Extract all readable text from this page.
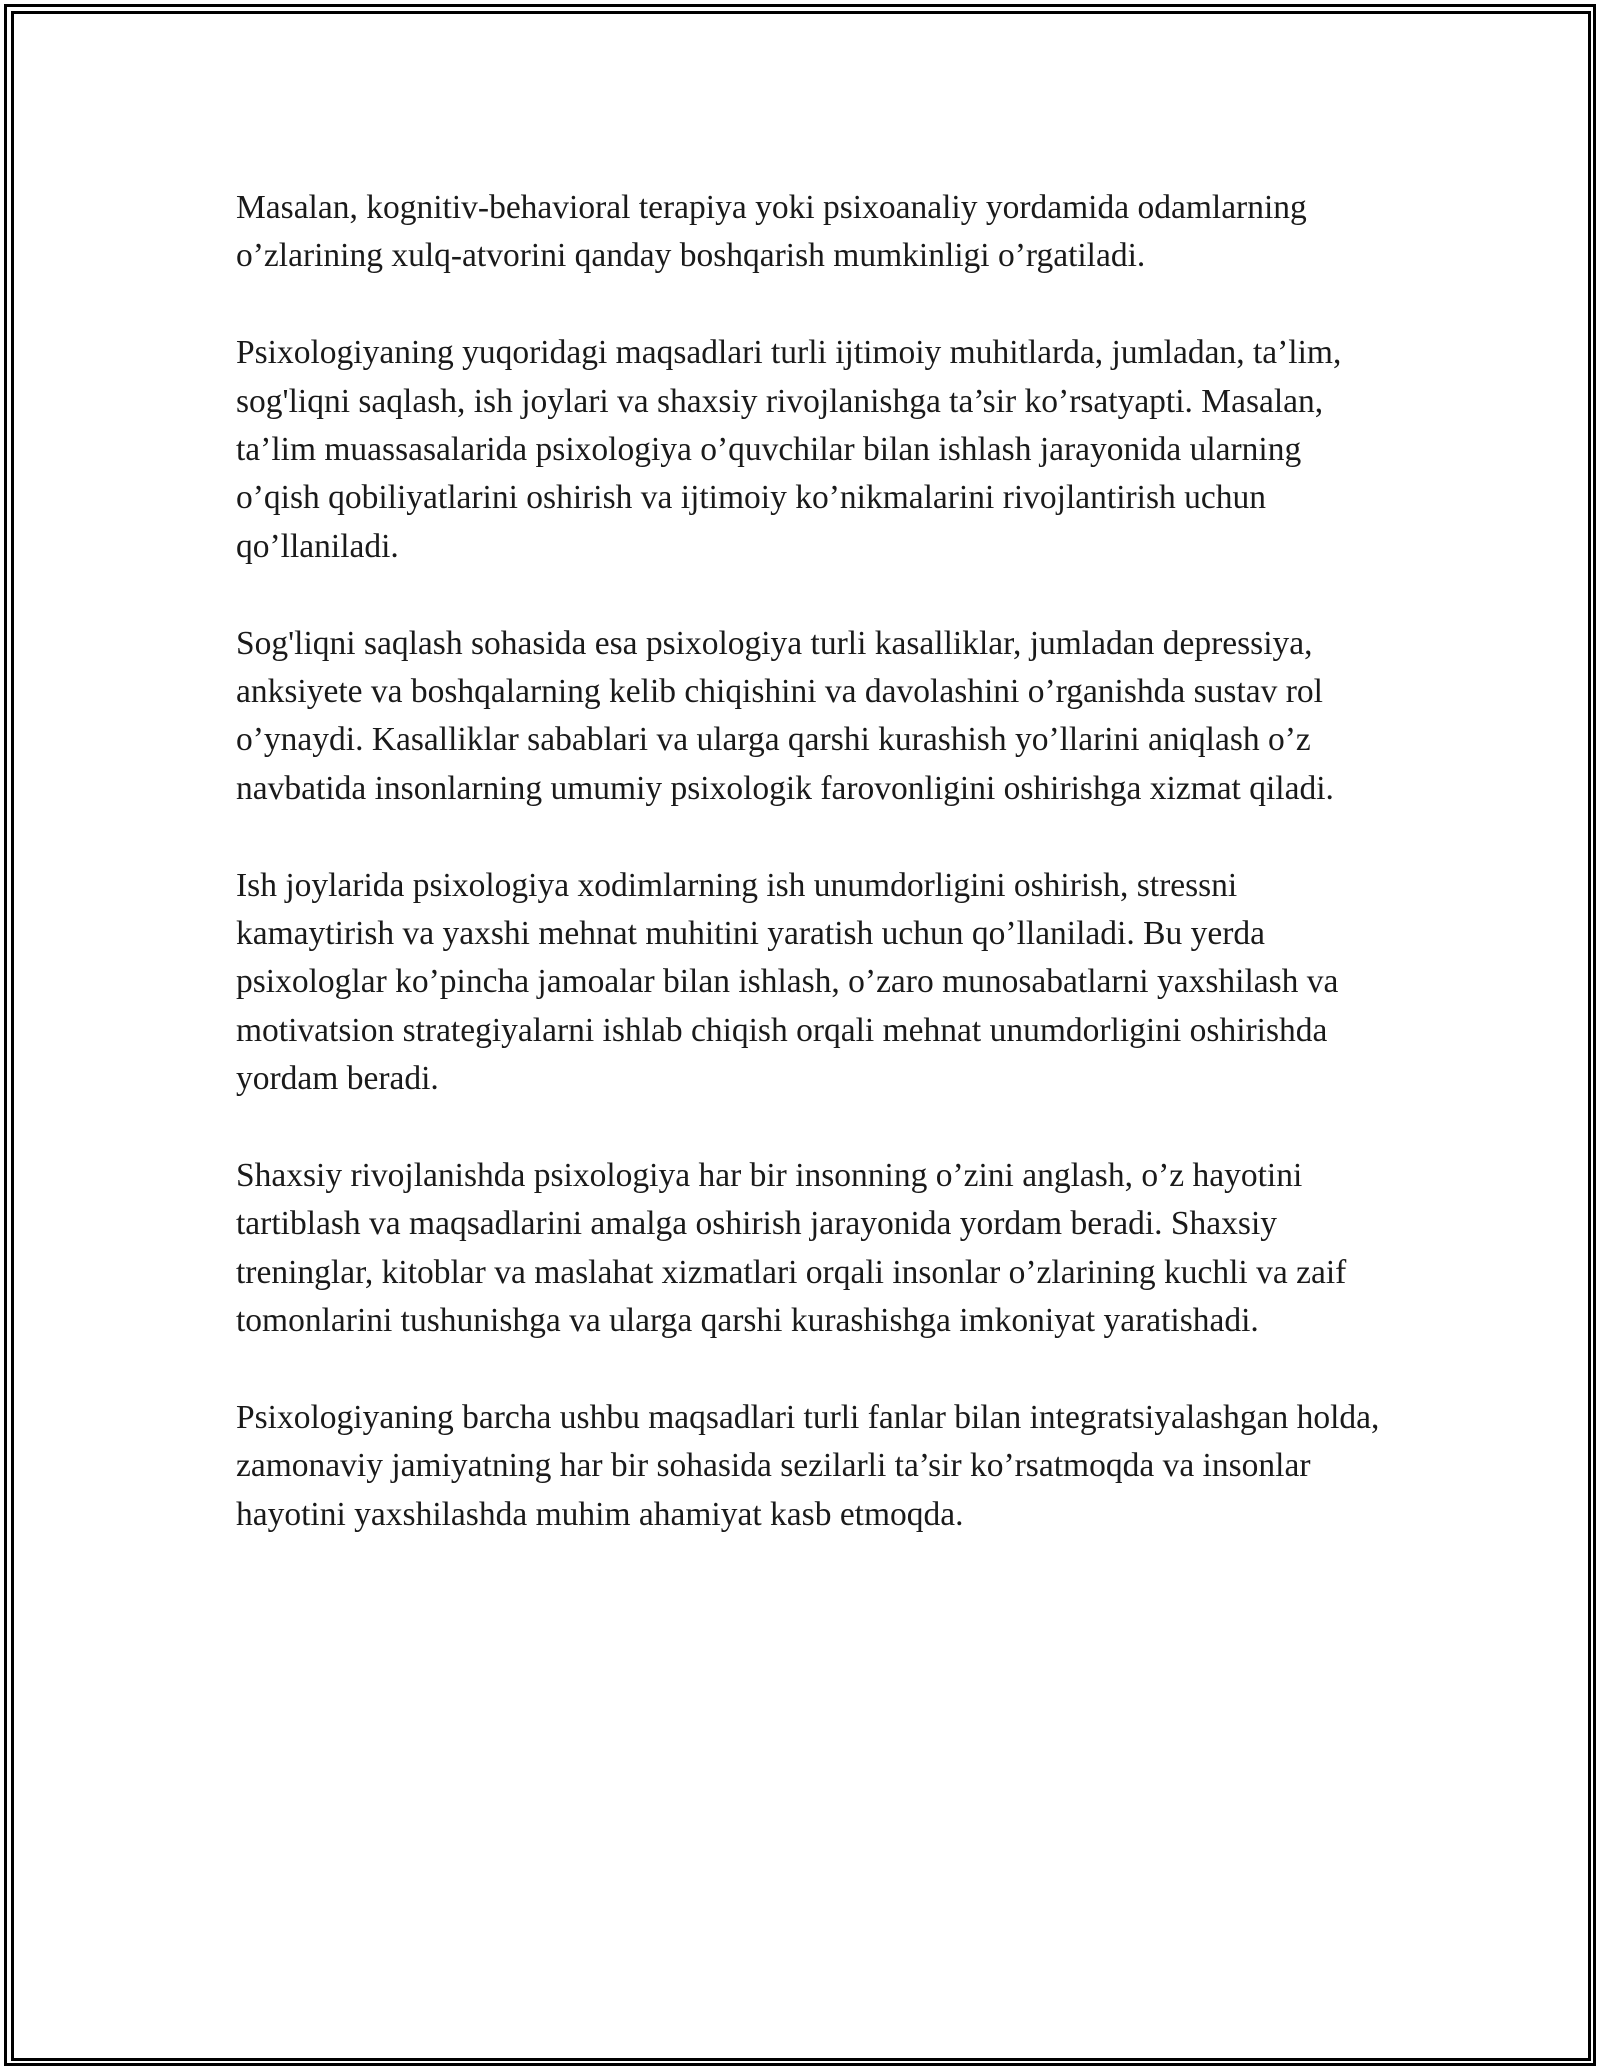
Masalan, kognitiv-behavioral terapiya yoki psixoanaliy yordamida odamlarning o’zlarining xulq-atvorini qanday boshqarish mumkinligi o’rgatiladi.

Psixologiyaning yuqoridagi maqsadlari turli ijtimoiy muhitlarda, jumladan, ta’lim, sog'liqni saqlash, ish joylari va shaxsiy rivojlanishga ta’sir ko’rsatyapti. Masalan, ta’lim muassasalarida psixologiya o’quvchilar bilan ishlash jarayonida ularning o’qish qobiliyatlarini oshirish va ijtimoiy ko’nikmalarini rivojlantirish uchun qo’llaniladi.

Sog'liqni saqlash sohasida esa psixologiya turli kasalliklar, jumladan depressiya, anksiyete va boshqalarning kelib chiqishini va davolashini o’rganishda sustav rol o’ynaydi. Kasalliklar sabablari va ularga qarshi kurashish yo’llarini aniqlash o’z navbatida insonlarning umumiy psixologik farovonligini oshirishga xizmat qiladi.

Ish joylarida psixologiya xodimlarning ish unumdorligini oshirish, stressni kamaytirish va yaxshi mehnat muhitini yaratish uchun qo’llaniladi. Bu yerda psixologlar ko’pincha jamoalar bilan ishlash, o’zaro munosabatlarni yaxshilash va motivatsion strategiyalarni ishlab chiqish orqali mehnat unumdorligini oshirishda yordam beradi.

Shaxsiy rivojlanishda psixologiya har bir insonning o’zini anglash, o’z hayotini tartiblash va maqsadlarini amalga oshirish jarayonida yordam beradi. Shaxsiy treninglar, kitoblar va maslahat xizmatlari orqali insonlar o’zlarining kuchli va zaif tomonlarini tushunishga va ularga qarshi kurashishga imkoniyat yaratishadi.

Psixologiyaning barcha ushbu maqsadlari turli fanlar bilan integratsiyalashgan holda, zamonaviy jamiyatning har bir sohasida sezilarli ta’sir ko’rsatmoqda va insonlar hayotini yaxshilashda muhim ahamiyat kasb etmoqda.
